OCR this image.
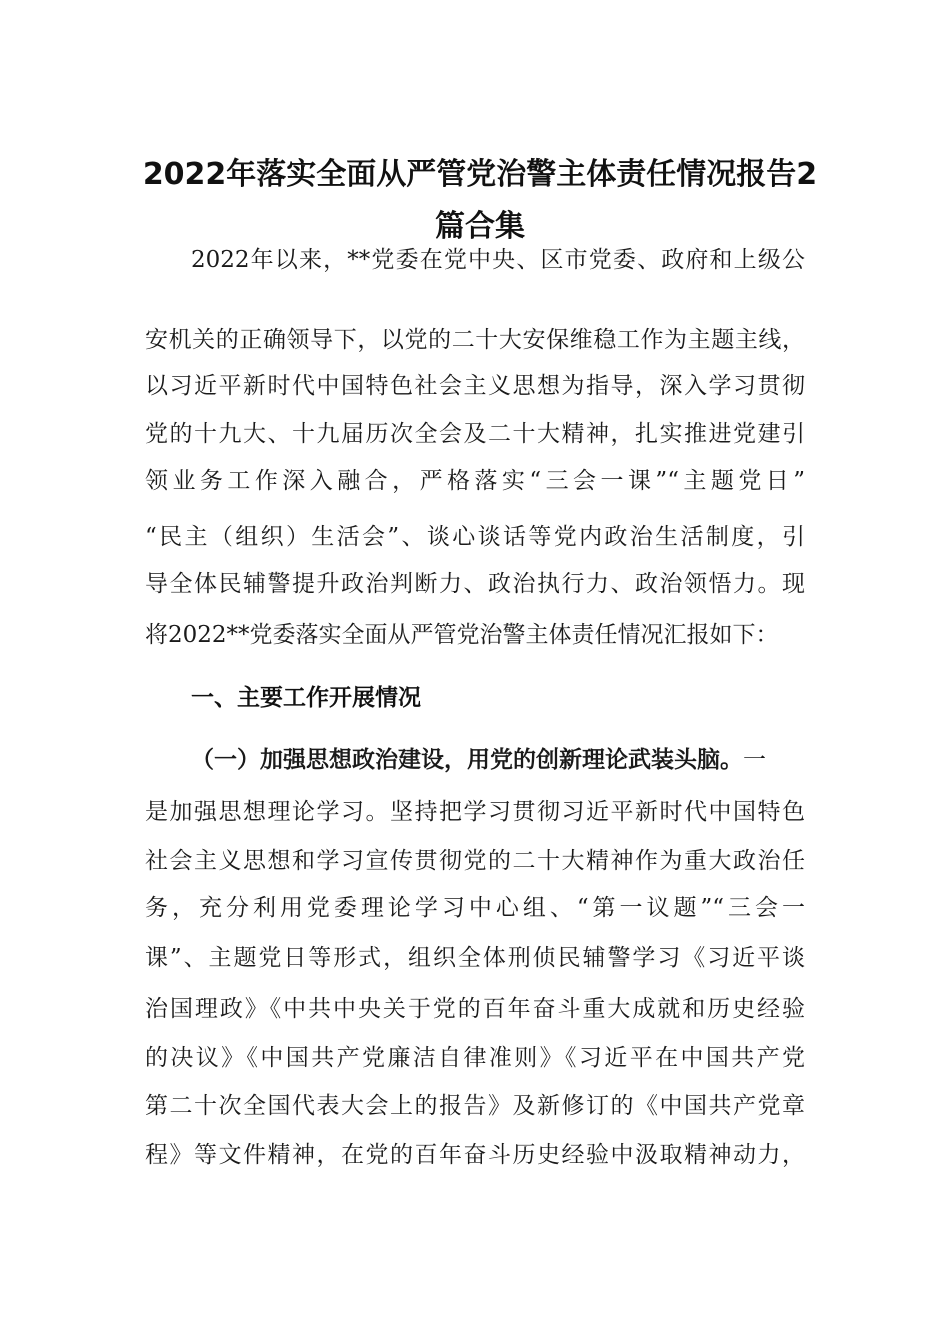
2022年落实全面从严管党治警主体责任情况报告2
篇合集
2022年以来，**党委在党中央、区市党委、政府和上级公
安机关的正确领导下，以党的二十大安保维稳工作为主题主线，
以习近平新时代中国特色社会主义思想为指导，深入学习贯彻
党的十九大、十九届历次全会及二十大精神，扎实推进党建引
领业务工作深入融合，严格落实“三会一课”“主题党日”
“民主（组织）生活会”、谈心谈话等党内政治生活制度，引
导全体民辅警提升政治判断力、政治执行力、政治领悟力。现
将2022**党委落实全面从严管党治警主体责任情况汇报如下：
一、主要工作开展情况
（一）加强思想政治建设，用党的创新理论武装头脑。一
是加强思想理论学习。坚持把学习贯彻习近平新时代中国特色
社会主义思想和学习宣传贯彻党的二十大精神作为重大政治任
务，充分利用党委理论学习中心组、“第一议题”“三会一
课”、主题党日等形式，组织全体刑侦民辅警学习《习近平谈
治国理政》《中共中央关于党的百年奋斗重大成就和历史经验
的决议》《中国共产党廉洁自律准则》《习近平在中国共产党
第二十次全国代表大会上的报告》及新修订的《中国共产党章
程》等文件精神，在党的百年奋斗历史经验中汲取精神动力，
